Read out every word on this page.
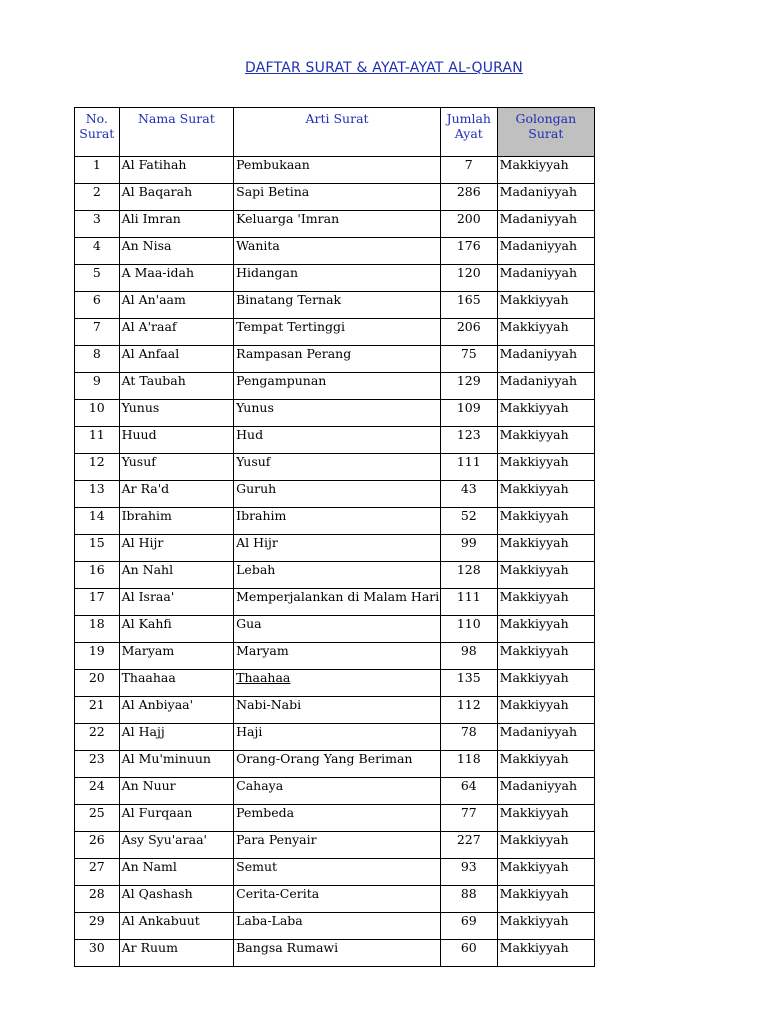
DAFTAR SURAT & AYAT-AYAT AL-QURAN
No. Surat	Nama Surat	Arti Surat	Jumlah Ayat	Golongan Surat
1	Al Fatihah	Pembukaan	7	Makkiyyah
2	Al Baqarah	Sapi Betina	286	Madaniyyah
3	Ali Imran	Keluarga 'Imran	200	Madaniyyah
4	An Nisa	Wanita	176	Madaniyyah
5	A Maa-idah	Hidangan	120	Madaniyyah
6	Al An'aam	Binatang Ternak	165	Makkiyyah
7	Al A'raaf	Tempat Tertinggi	206	Makkiyyah
8	Al Anfaal	Rampasan Perang	75	Madaniyyah
9	At Taubah	Pengampunan	129	Madaniyyah
10	Yunus	Yunus	109	Makkiyyah
11	Huud	Hud	123	Makkiyyah
12	Yusuf	Yusuf	111	Makkiyyah
13	Ar Ra'd	Guruh	43	Makkiyyah
14	Ibrahim	Ibrahim	52	Makkiyyah
15	Al Hijr	Al Hijr	99	Makkiyyah
16	An Nahl	Lebah	128	Makkiyyah
17	Al Israa'	Memperjalankan di Malam Hari	111	Makkiyyah
18	Al Kahfi	Gua	110	Makkiyyah
19	Maryam	Maryam	98	Makkiyyah
20	Thaahaa	Thaahaa	135	Makkiyyah
21	Al Anbiyaa'	Nabi-Nabi	112	Makkiyyah
22	Al Hajj	Haji	78	Madaniyyah
23	Al Mu'minuun	Orang-Orang Yang Beriman	118	Makkiyyah
24	An Nuur	Cahaya	64	Madaniyyah
25	Al Furqaan	Pembeda	77	Makkiyyah
26	Asy Syu'araa'	Para Penyair	227	Makkiyyah
27	An Naml	Semut	93	Makkiyyah
28	Al Qashash	Cerita-Cerita	88	Makkiyyah
29	Al Ankabuut	Laba-Laba	69	Makkiyyah
30	Ar Ruum	Bangsa Rumawi	60	Makkiyyah
